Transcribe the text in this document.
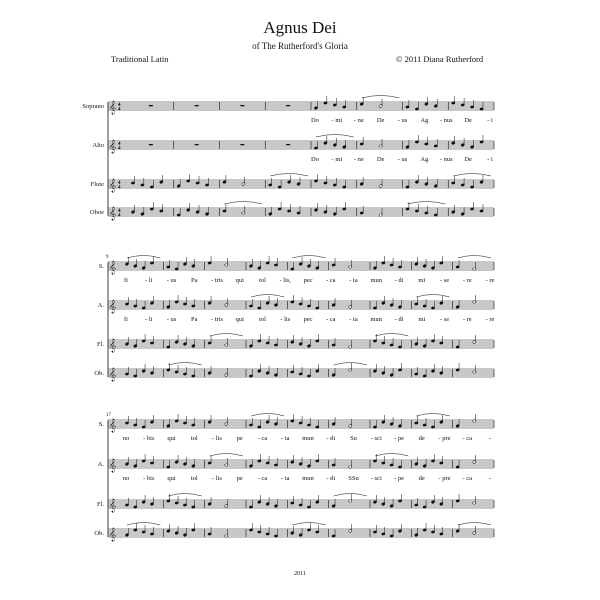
Agnus Dei
of The Rutherford's Gloria
Traditional Latin	© 2011 Diana Rutherford
Soprano 𝄞 4
4
Do - mi - ne De - us Ag - nus De - i
Alto 𝄞 4
4
Do - mi - ne De - us Ag - nus De - i
Flute 𝄞 4
4
Oboe 𝄞 4
4
9
S. 𝄞
fi	- li - us Pa - tris qui tol - lis, pec - ca - ta mun - di mi - se - re - re
A. 𝄞
fi	- li - us Pa - tris qui tol - lis pec - ca - ta mun - di mi - se - re - re
Fl. 𝄞
Ob. 𝄞
17
S. 𝄞
no - bis qui tol - lis pe - ca - ta mun - di Su - sci - pe de - pre - ca	-
A. 𝄞
no - bis qui tol - lis pe - ca - ta mun - di SSu - sci - pe de - pre - ca	-
Fl. 𝄞
Ob. 𝄞
2011
